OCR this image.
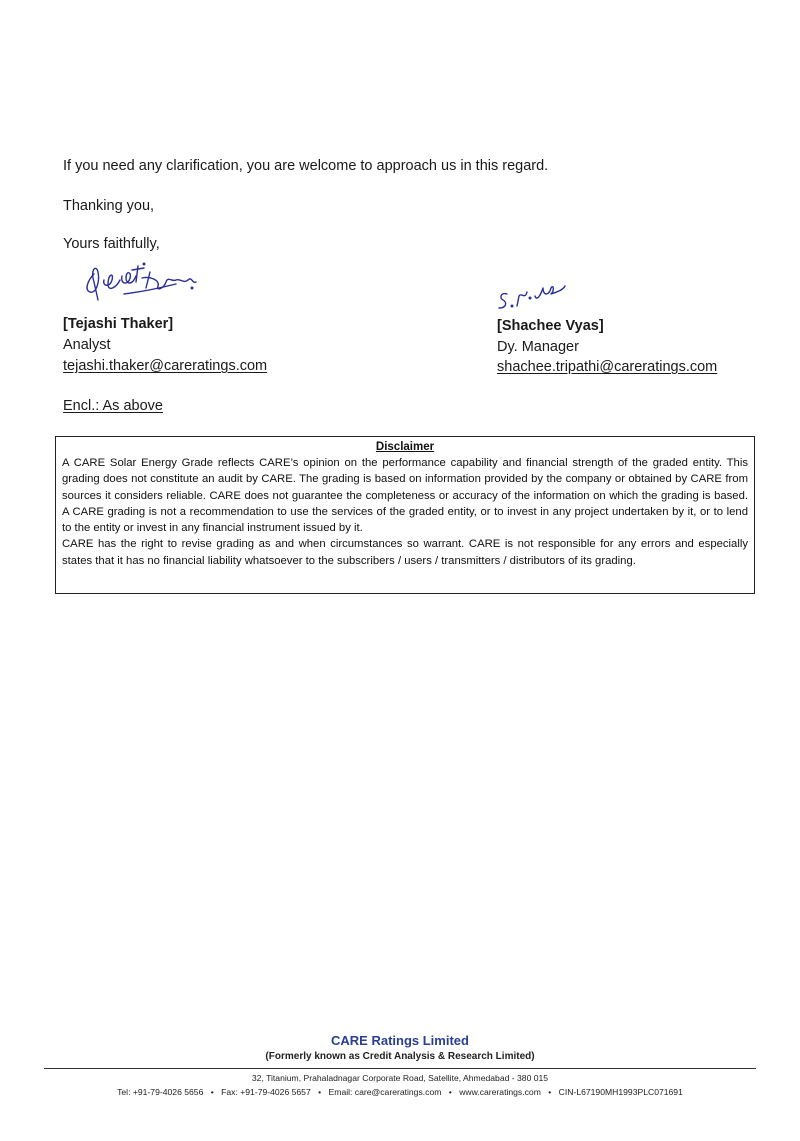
If you need any clarification, you are welcome to approach us in this regard.
Thanking you,
Yours faithfully,
[Tejashi Thaker]
Analyst
tejashi.thaker@careratings.com
[Shachee Vyas]
Dy. Manager
shachee.tripathi@careratings.com
Encl.: As above
Disclaimer

A CARE Solar Energy Grade reflects CARE’s opinion on the performance capability and financial strength of the graded entity. This grading does not constitute an audit by CARE. The grading is based on information provided by the company or obtained by CARE from sources it considers reliable. CARE does not guarantee the completeness or accuracy of the information on which the grading is based. A CARE grading is not a recommendation to use the services of the graded entity, or to invest in any project undertaken by it, or to lend to the entity or invest in any financial instrument issued by it.

CARE has the right to revise grading as and when circumstances so warrant. CARE is not responsible for any errors and especially states that it has no financial liability whatsoever to the subscribers / users / transmitters / distributors of its grading.

CARE Ratings Limited
(Formerly known as Credit Analysis & Research Limited)
32, Titanium, Prahaladnagar Corporate Road, Satellite, Ahmedabad - 380 015
Tel: +91-79-4026 5656 • Fax: +91-79-4026 5657 • Email: care@careratings.com • www.careratings.com • CIN-L67190MH1993PLC071691
